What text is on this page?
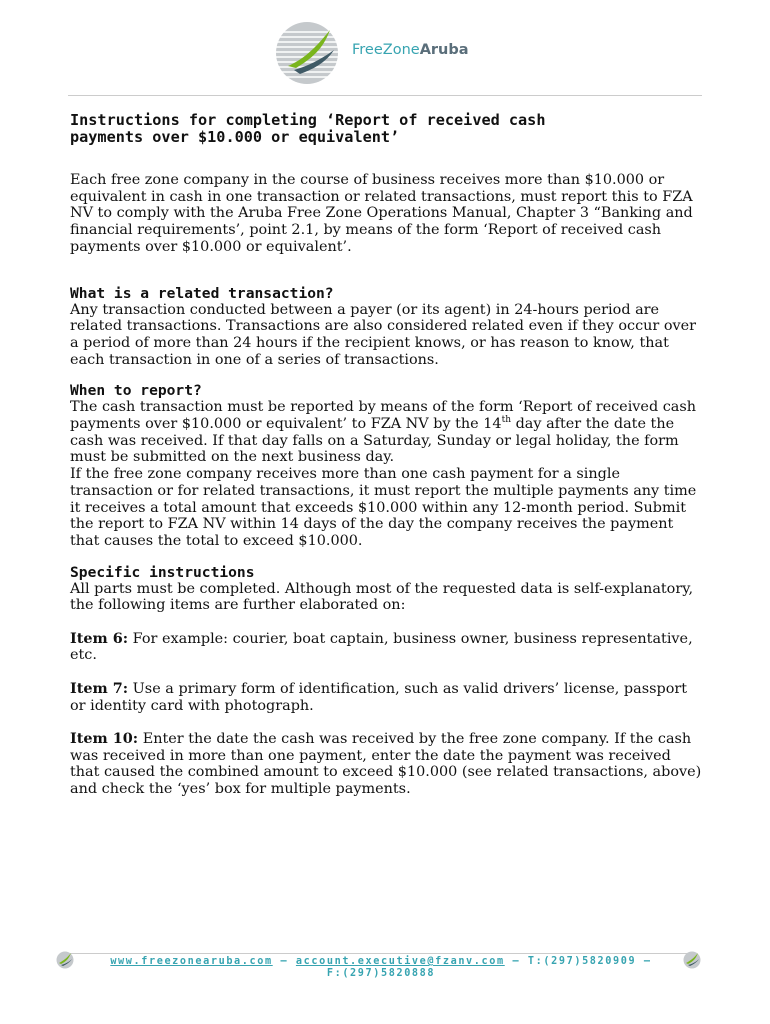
FreeZoneAruba
Instructions for completing ‘Report of received cash
payments over $10.000 or equivalent’

Each free zone company in the course of business receives more than $10.000 or equivalent in cash in one transaction or related transactions, must report this to FZA NV to comply with the Aruba Free Zone Operations Manual, Chapter 3 “Banking and financial requirements’, point 2.1, by means of the form ‘Report of received cash payments over $10.000 or equivalent’.

What is a related transaction?

Any transaction conducted between a payer (or its agent) in 24-hours period are related transactions. Transactions are also considered related even if they occur over a period of more than 24 hours if the recipient knows, or has reason to know, that each transaction in one of a series of transactions.

When to report?

The cash transaction must be reported by means of the form ‘Report of received cash payments over $10.000 or equivalent’ to FZA NV by the 14th day after the date the cash was received. If that day falls on a Saturday, Sunday or legal holiday, the form must be submitted on the next business day.

If the free zone company receives more than one cash payment for a single transaction or for related transactions, it must report the multiple payments any time it receives a total amount that exceeds $10.000 within any 12-month period. Submit the report to FZA NV within 14 days of the day the company receives the payment that causes the total to exceed $10.000.

Specific instructions

All parts must be completed. Although most of the requested data is self-explanatory, the following items are further elaborated on:

Item 6: For example: courier, boat captain, business owner, business representative, etc.

Item 7: Use a primary form of identification, such as valid drivers’ license, passport or identity card with photograph.

Item 10: Enter the date the cash was received by the free zone company. If the cash was received in more than one payment, enter the date the payment was received that caused the combined amount to exceed $10.000 (see related transactions, above) and check the ‘yes’ box for multiple payments.

www.freezonearuba.com – account.executive@fzanv.com – T:(297)5820909 –
F:(297)5820888
